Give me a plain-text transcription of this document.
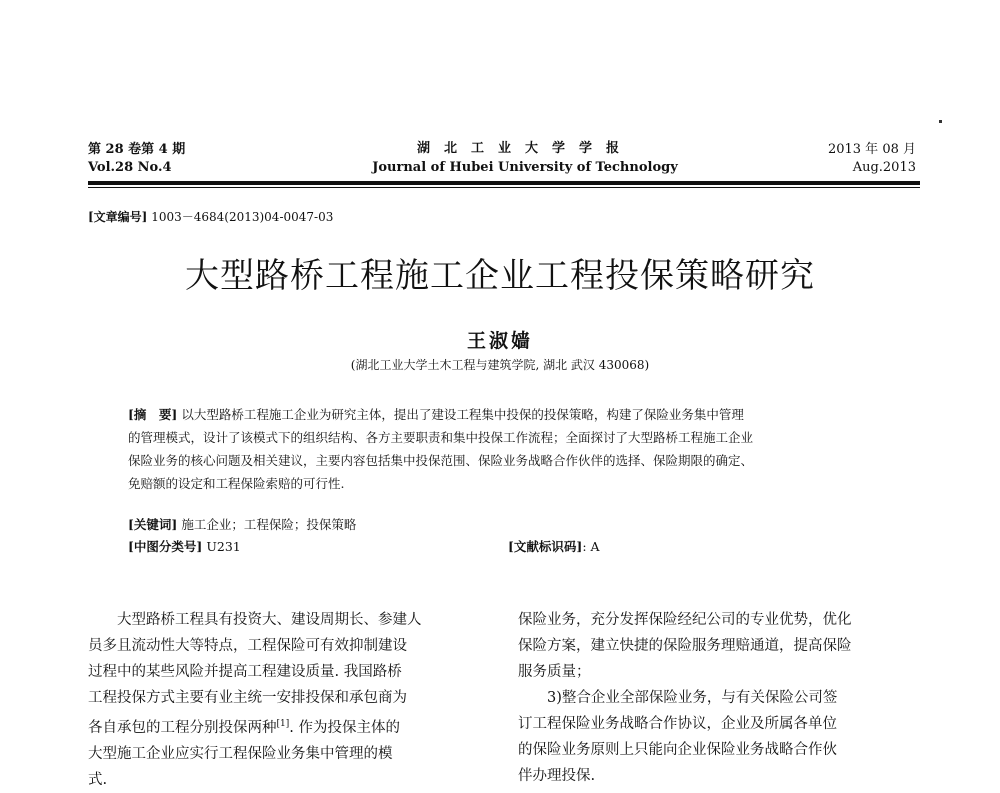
第 28 卷第 4 期
Vol.28 No.4
湖北工业大学学报
Journal of Hubei University of Technology
2013 年 08 月
Aug.2013
[文章编号] 1003－4684(2013)04-0047-03
大型路桥工程施工企业工程投保策略研究
王淑嫱
(湖北工业大学土木工程与建筑学院, 湖北 武汉 430068)
[摘　要] 以大型路桥工程施工企业为研究主体，提出了建设工程集中投保的投保策略，构建了保险业务集中管理
的管理模式，设计了该模式下的组织结构、各方主要职责和集中投保工作流程；全面探讨了大型路桥工程施工企业
保险业务的核心问题及相关建议，主要内容包括集中投保范围、保险业务战略合作伙伴的选择、保险期限的确定、
免赔额的设定和工程保险索赔的可行性.
[关键词] 施工企业；工程保险；投保策略
[中图分类号] U231	[文献标识码]: A
大型路桥工程具有投资大、建设周期长、参建人
员多且流动性大等特点，工程保险可有效抑制建设
过程中的某些风险并提高工程建设质量. 我国路桥
工程投保方式主要有业主统一安排投保和承包商为
各自承包的工程分别投保两种[1]. 作为投保主体的
大型施工企业应实行工程保险业务集中管理的模
式.
保险业务，充分发挥保险经纪公司的专业优势，优化
保险方案，建立快捷的保险服务理赔通道，提高保险
服务质量；
3)整合企业全部保险业务，与有关保险公司签
订工程保险业务战略合作协议，企业及所属各单位
的保险业务原则上只能向企业保险业务战略合作伙
伴办理投保.
